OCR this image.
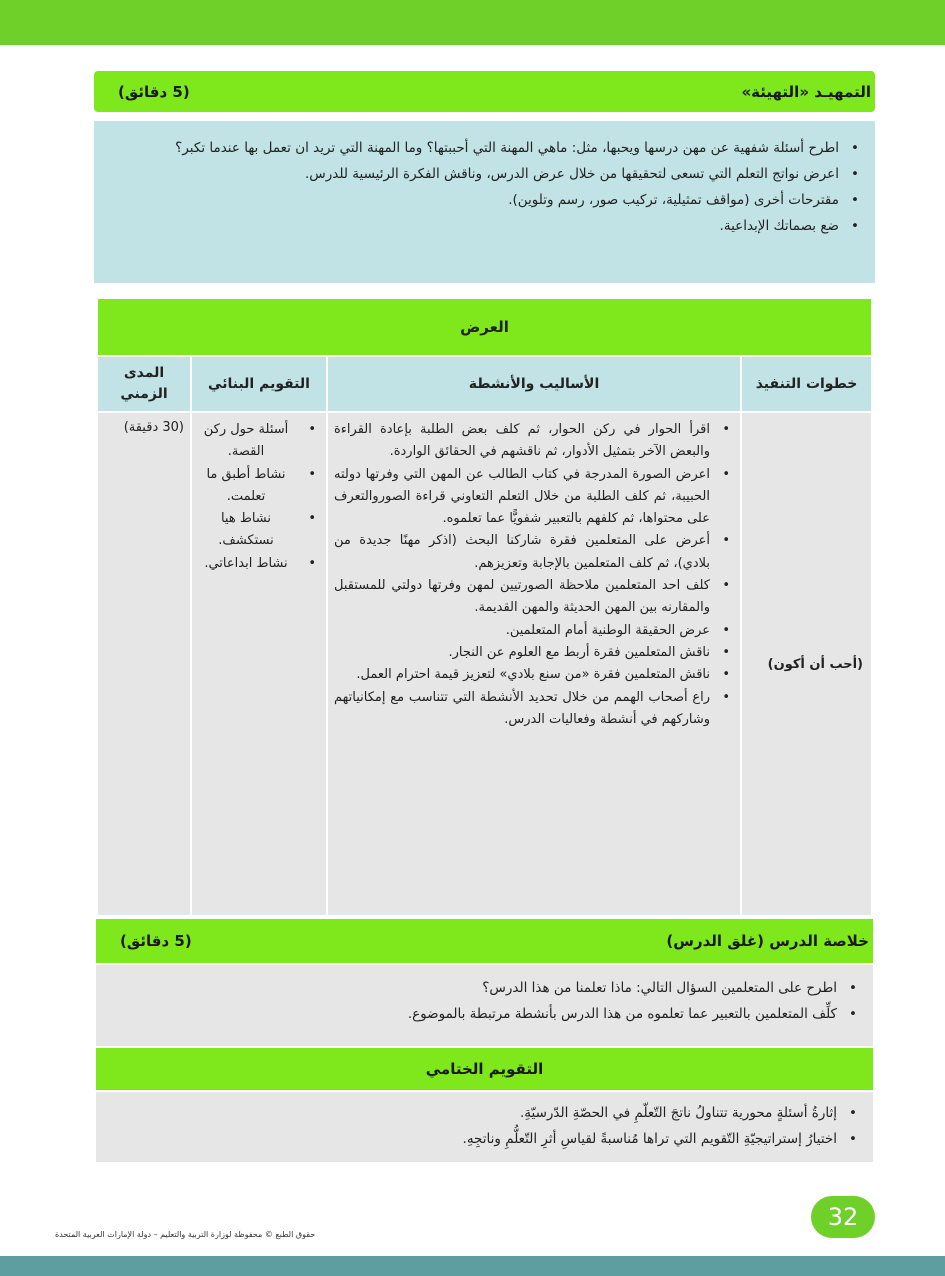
التمهيـد «التهيئة»
(5 دقائق)
• اطرح أسئلة شفهية عن مهن درسها ويحبها، مثل: ماهي المهنة التي أحببتها؟ وما المهنة التي تريد ان تعمل بها عندما تكبر؟
• اعرض نواتج التعلم التي تسعى لتحقيقها من خلال عرض الدرس، وناقش الفكرة الرئيسية للدرس.
• مقترحات أخرى (مواقف تمثيلية، تركيب صور، رسم وتلوين).
• ضع بصماتك الإبداعية.
العرض
خطوات التنفيذ
الأساليب والأنشطة
التقويم البنائي
المدى الزمني
(أحب أن أكون)
• اقرأ الحوار في ركن الحوار، ثم كلف بعض الطلبة بإعادة القراءة والبعض الآخر بتمثيل الأدوار، ثم ناقشهم في الحقائق الواردة.
• اعرض الصورة المدرجة في كتاب الطالب عن المهن التي وفرتها دولته الحبيبة، ثم كلف الطلبة من خلال التعلم التعاوني قراءة الصوروالتعرف على محتواها، ثم كلفهم بالتعبير شفويًّا عما تعلموه.
• أعرض على المتعلمين فقرة شاركنا البحث (اذكر مهنًا جديدة من بلادي)، ثم كلف المتعلمين بالإجابة وتعزيزهم.
• كلف احد المتعلمين ملاحظة الصورتيين لمهن وفرتها دولتي للمستقبل والمقارنه بين المهن الحديثة والمهن القديمة.
• عرض الحقيقة الوطنية أمام المتعلمين.
• ناقش المتعلمين فقرة أربط مع العلوم عن النجار.
• ناقش المتعلمين فقرة «من سنع بلادي» لتعزيز قيمة احترام العمل.
• راع أصحاب الهمم من خلال تحديد الأنشطة التي تتناسب مع إمكانياتهم وشاركهم في أنشطة وفعاليات الدرس.
• أسئلة حول ركن القصة.
• نشاط أطبق ما تعلمت.
• نشاط هيا نستكشف.
• نشاط ابداعاتي.
(30 دقيقة)
خلاصة الدرس (غلق الدرس)
(5 دقائق)
• اطرح على المتعلمين السؤال التالي: ماذا تعلمنا من هذا الدرس؟
• كلِّف المتعلمين بالتعبير عما تعلموه من هذا الدرس بأنشطة مرتبطة بالموضوع.
التقويم الختامي
• إثارةُ أسئلةٍ محورية تتناولُ ناتجَ التّعلّمِ في الحصّةِ الدّرسيّةِ.
• اختيارُ إستراتيجيّةِ التّقويم التي تراها مُناسبةً لقياسِ أثرِ التّعلُّمِ وناتجِهِ.
32
حقوق الطبع © محفوظة لوزارة التربية والتعليم – دولة الإمارات العربية المتحدة
